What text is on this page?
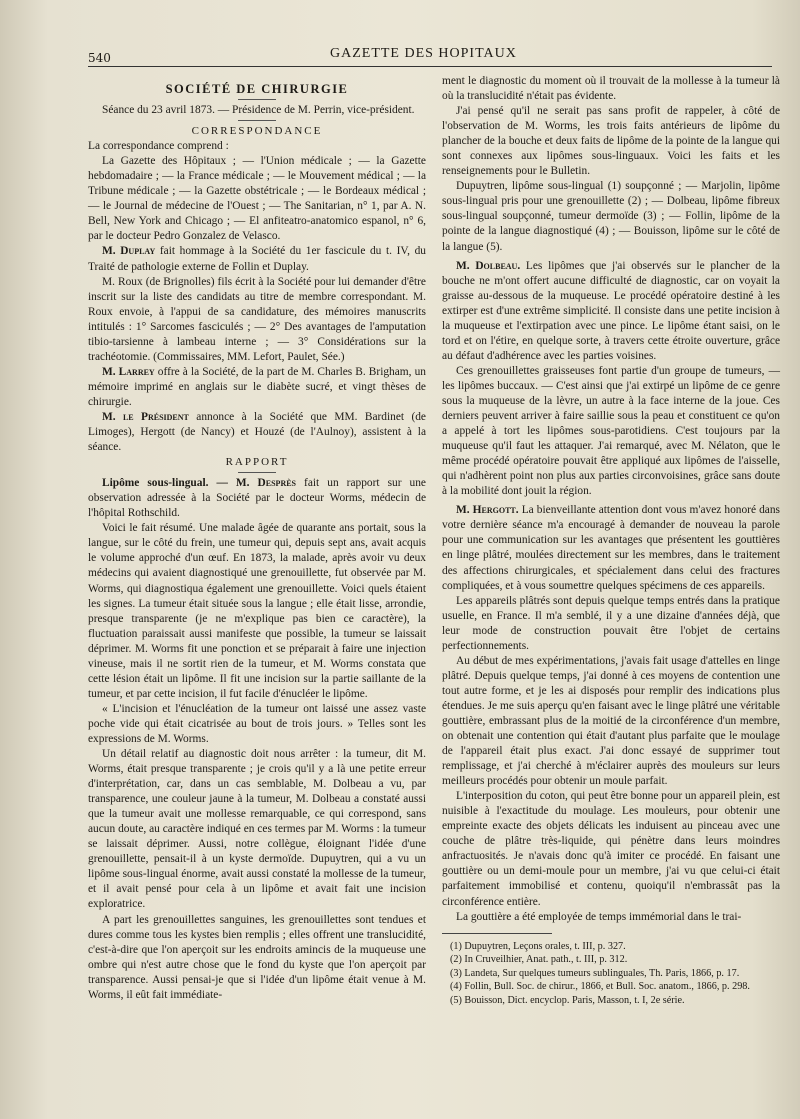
540	GAZETTE DES HOPITAUX

SOCIÉTÉ DE CHIRURGIE

Séance du 23 avril 1873. — Présidence de M. Perrin, vice-président.

CORRESPONDANCE

La correspondance comprend :

La Gazette des Hôpitaux ; — l'Union médicale ; — la Gazette hebdomadaire ; — la France médicale ; — le Mouvement médical ; — la Tribune médicale ; — la Gazette obstétricale ; — le Bordeaux médical ; — le Journal de médecine de l'Ouest ; — The Sanitarian, n° 1, par A. N. Bell, New York and Chicago ; — El anfiteatro-anatomico espanol, n° 6, par le docteur Pedro Gonzalez de Velasco.

M. Duplay fait hommage à la Société du 1er fascicule du t. IV, du Traité de pathologie externe de Follin et Duplay.

M. Roux (de Brignolles) fils écrit à la Société pour lui demander d'être inscrit sur la liste des candidats au titre de membre correspondant. M. Roux envoie, à l'appui de sa candidature, des mémoires manuscrits intitulés : 1° Sarcomes fasciculés ; — 2° Des avantages de l'amputation tibio-tarsienne à lambeau interne ; — 3° Considérations sur la trachéotomie. (Commissaires, MM. Lefort, Paulet, Sée.)

M. Larrey offre à la Société, de la part de M. Charles B. Brigham, un mémoire imprimé en anglais sur le diabète sucré, et vingt thèses de chirurgie.

M. le Président annonce à la Société que MM. Bardinet (de Limoges), Hergott (de Nancy) et Houzé (de l'Aulnoy), assistent à la séance.

RAPPORT

Lipôme sous-lingual. — M. Desprès fait un rapport sur une observation adressée à la Société par le docteur Worms, médecin de l'hôpital Rothschild.

Voici le fait résumé. Une malade âgée de quarante ans portait, sous la langue, sur le côté du frein, une tumeur qui, depuis sept ans, avait acquis le volume approché d'un œuf. En 1873, la malade, après avoir vu deux médecins qui avaient diagnostiqué une grenouillette, fut observée par M. Worms, qui diagnostiqua également une grenouillette. Voici quels étaient les signes. La tumeur était située sous la langue ; elle était lisse, arrondie, presque transparente (je ne m'explique pas bien ce caractère), la fluctuation paraissait aussi manifeste que possible, la tumeur se laissait déprimer. M. Worms fit une ponction et se préparait à faire une injection vineuse, mais il ne sortit rien de la tumeur, et M. Worms constata que cette lésion était un lipôme. Il fit une incision sur la partie saillante de la tumeur, et par cette incision, il fut facile d'énucléer le lipôme.

« L'incision et l'énucléation de la tumeur ont laissé une assez vaste poche vide qui était cicatrisée au bout de trois jours. » Telles sont les expressions de M. Worms.

Un détail relatif au diagnostic doit nous arrêter : la tumeur, dit M. Worms, était presque transparente ; je crois qu'il y a là une petite erreur d'interprétation, car, dans un cas semblable, M. Dolbeau a vu, par transparence, une couleur jaune à la tumeur, M. Dolbeau a constaté aussi que la tumeur avait une mollesse remarquable, ce qui correspond, sans aucun doute, au caractère indiqué en ces termes par M. Worms : la tumeur se laissait déprimer. Aussi, notre collègue, éloignant l'idée d'une grenouillette, pensait-il à un kyste dermoïde. Dupuytren, qui a vu un lipôme sous-lingual énorme, avait aussi constaté la mollesse de la tumeur, et il avait pensé pour cela à un lipôme et avait fait une incision exploratrice.

A part les grenouillettes sanguines, les grenouillettes sont tendues et dures comme tous les kystes bien remplis ; elles offrent une translucidité, c'est-à-dire que l'on aperçoit sur les endroits amincis de la muqueuse une ombre qui n'est autre chose que le fond du kyste que l'on aperçoit par transparence. Aussi pensai-je que si l'idée d'un lipôme était venue à M. Worms, il eût fait immédiate-

ment le diagnostic du moment où il trouvait de la mollesse à la tumeur là où la translucidité n'était pas évidente.

J'ai pensé qu'il ne serait pas sans profit de rappeler, à côté de l'observation de M. Worms, les trois faits antérieurs de lipôme du plancher de la bouche et deux faits de lipôme de la pointe de la langue qui sont connexes aux lipômes sous-linguaux. Voici les faits et les renseignements pour le Bulletin.

Dupuytren, lipôme sous-lingual (1) soupçonné ; — Marjolin, lipôme sous-lingual pris pour une grenouillette (2) ; — Dolbeau, lipôme fibreux sous-lingual soupçonné, tumeur dermoïde (3) ; — Follin, lipôme de la pointe de la langue diagnostiqué (4) ; — Bouisson, lipôme sur le côté de la langue (5).

M. Dolbeau. Les lipômes que j'ai observés sur le plancher de la bouche ne m'ont offert aucune difficulté de diagnostic, car on voyait la graisse au-dessous de la muqueuse. Le procédé opératoire destiné à les extirper est d'une extrême simplicité. Il consiste dans une petite incision à la muqueuse et l'extirpation avec une pince. Le lipôme étant saisi, on le tord et on l'étire, en quelque sorte, à travers cette étroite ouverture, grâce au défaut d'adhérence avec les parties voisines.

Ces grenouillettes graisseuses font partie d'un groupe de tumeurs, — les lipômes buccaux. — C'est ainsi que j'ai extirpé un lipôme de ce genre sous la muqueuse de la lèvre, un autre à la face interne de la joue. Ces derniers peuvent arriver à faire saillie sous la peau et constituent ce qu'on a appelé à tort les lipômes sous-parotidiens. C'est toujours par la muqueuse qu'il faut les attaquer. J'ai remarqué, avec M. Nélaton, que le même procédé opératoire pouvait être appliqué aux lipômes de l'aisselle, qui n'adhèrent point non plus aux parties circonvoisines, grâce sans doute à la mobilité dont jouit la région.

M. Hergott. La bienveillante attention dont vous m'avez honoré dans votre dernière séance m'a encouragé à demander de nouveau la parole pour une communication sur les avantages que présentent les gouttières en linge plâtré, moulées directement sur les membres, dans le traitement des affections chirurgicales, et spécialement dans celui des fractures compliquées, et à vous soumettre quelques spécimens de ces appareils.

Les appareils plâtrés sont depuis quelque temps entrés dans la pratique usuelle, en France. Il m'a semblé, il y a une dizaine d'années déjà, que leur mode de construction pouvait être l'objet de certains perfectionnements.

Au début de mes expérimentations, j'avais fait usage d'attelles en linge plâtré. Depuis quelque temps, j'ai donné à ces moyens de contention une tout autre forme, et je les ai disposés pour remplir des indications plus étendues. Je me suis aperçu qu'en faisant avec le linge plâtré une véritable gouttière, embrassant plus de la moitié de la circonférence d'un membre, on obtenait une contention qui était d'autant plus parfaite que le moulage de l'appareil était plus exact. J'ai donc essayé de supprimer tout remplissage, et j'ai cherché à m'éclairer auprès des mouleurs sur leurs meilleurs procédés pour obtenir un moule parfait.

L'interposition du coton, qui peut être bonne pour un appareil plein, est nuisible à l'exactitude du moulage. Les mouleurs, pour obtenir une empreinte exacte des objets délicats les induisent au pinceau avec une couche de plâtre très-liquide, qui pénètre dans leurs moindres anfractuosités. Je n'avais donc qu'à imiter ce procédé. En faisant une gouttière ou un demi-moule pour un membre, j'ai vu que celui-ci était parfaitement immobilisé et contenu, quoiqu'il n'embrassât pas la circonférence entière.

La gouttière a été employée de temps immémorial dans le trai-

(1) Dupuytren, Leçons orales, t. III, p. 327.

(2) In Cruveilhier, Anat. path., t. III, p. 312.

(3) Landeta, Sur quelques tumeurs sublinguales, Th. Paris, 1866, p. 17.

(4) Follin, Bull. Soc. de chirur., 1866, et Bull. Soc. anatom., 1866, p. 298.

(5) Bouisson, Dict. encyclop. Paris, Masson, t. I, 2e série.
